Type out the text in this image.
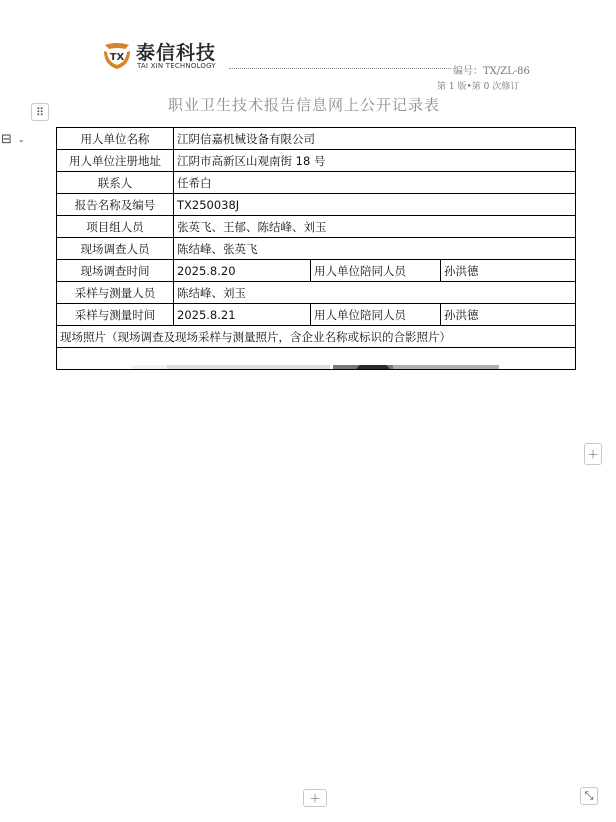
TX 泰信科技
TAI XIN TECHNOLOGY	编号：TX/ZL-86
第 1 版•第 0 次修订
职业卫生技术报告信息网上公开记录表
⠿
⊟ ⌄
＋
＋	⤡
用人单位名称	江阴信嘉机械设备有限公司		
用人单位注册地址	江阴市高新区山观南街 18 号		
联系人	任希白		
报告名称及编号	TX250038J		
项目组人员	张英飞、王郁、陈结峰、刘玉		
现场调查人员	陈结峰、张英飞		
现场调查时间	2025.8.20	用人单位陪同人员	孙洪德
采样与测量人员	陈结峰、刘玉		
采样与测量时间	2025.8.21	用人单位陪同人员	孙洪德
现场照片（现场调查及现场采样与测量照片，含企业名称或标识的合影照片）			
